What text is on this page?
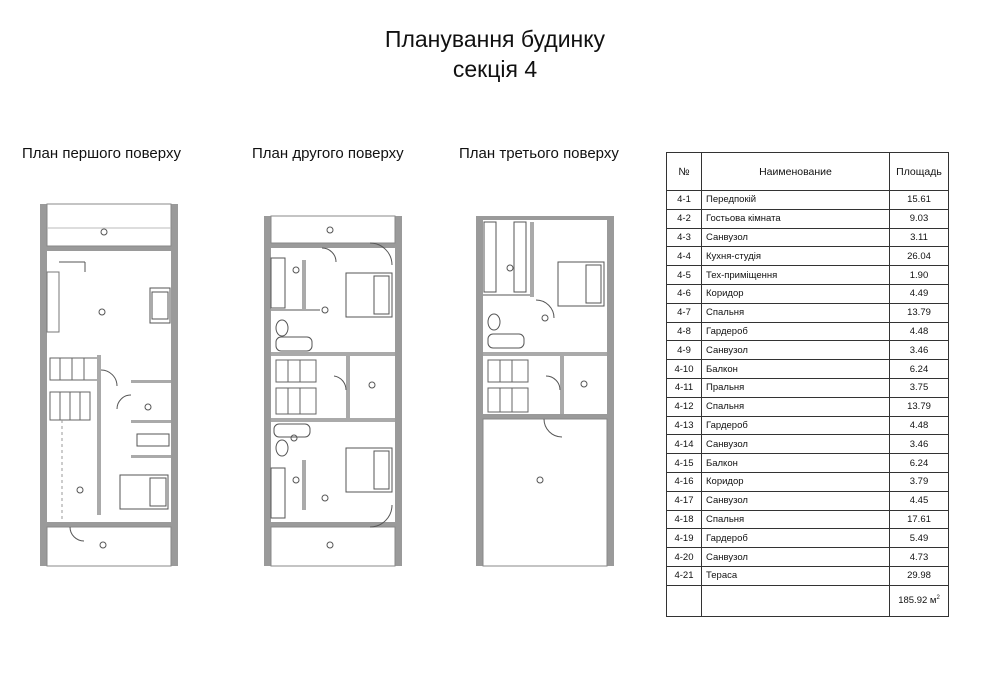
Планування будинку
секція 4
План першого поверху	План другого поверху	План третього поверху
№	Наименование	Площадь
4-1	Передпокій	15.61
4-2	Гостьова кімната	9.03
4-3	Санвузол	3.11
4-4	Кухня-студія	26.04
4-5	Тех-приміщення	1.90
4-6	Коридор	4.49
4-7	Спальня	13.79
4-8	Гардероб	4.48
4-9	Санвузол	3.46
4-10	Балкон	6.24
4-11	Пральня	3.75
4-12	Спальня	13.79
4-13	Гардероб	4.48
4-14	Санвузол	3.46
4-15	Балкон	6.24
4-16	Коридор	3.79
4-17	Санвузол	4.45
4-18	Спальня	17.61
4-19	Гардероб	5.49
4-20	Санвузол	4.73
4-21	Тераса	29.98
		185.92 $м^2$
